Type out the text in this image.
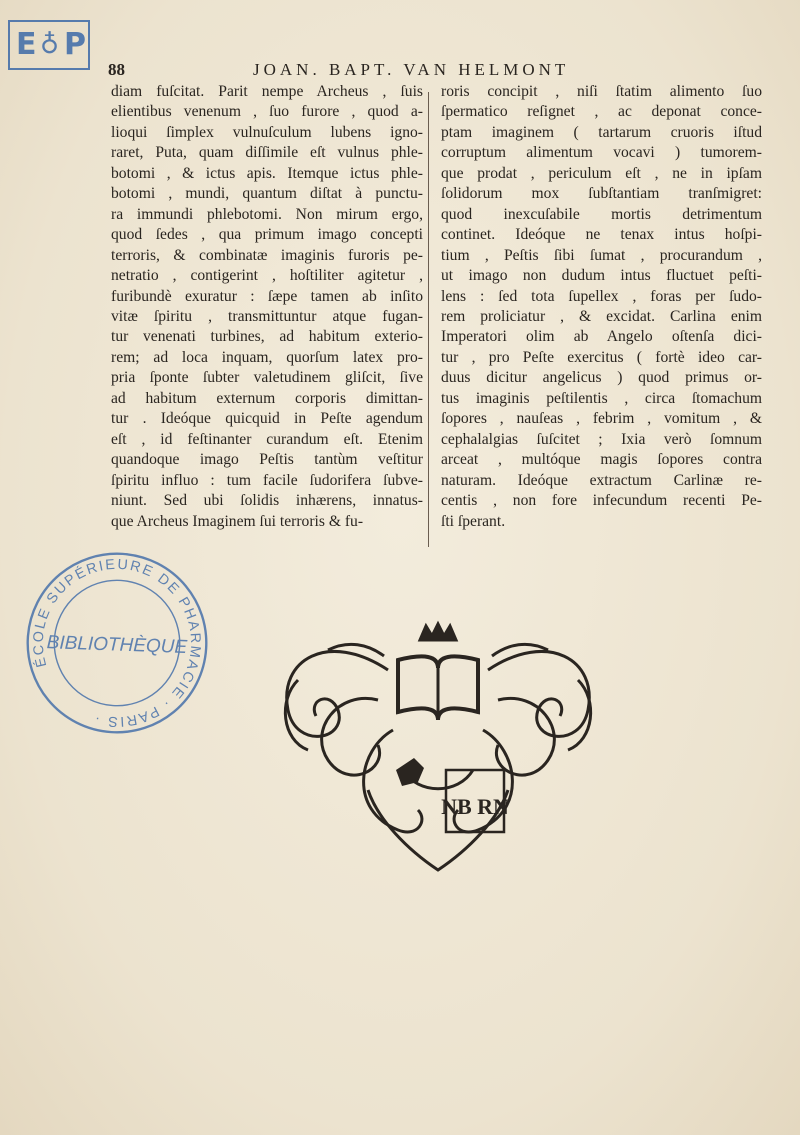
E ♁ P
88	JOAN. BAPT. VAN HELMONT
diam fuſcitat. Parit nempe Archeus , ſuis
elientibus venenum , ſuo furore , quod a-
lioqui ſimplex vulnuſculum lubens igno-
raret, Puta, quam diſſimile eſt vulnus phle-
botomi , & ictus apis. Itemque ictus phle-
botomi , mundi, quantum diſtat à punctu-
ra immundi phlebotomi. Non mirum ergo,
quod ſedes , qua primum imago concepti
terroris, & combinatæ imaginis furoris pe-
netratio , contigerint , hoſtiliter agitetur ,
furibundè exuratur : ſæpe tamen ab inſito
vitæ ſpiritu , transmittuntur atque fugan-
tur venenati turbines, ad habitum exterio-
rem; ad loca inquam, quorſum latex pro-
pria ſponte ſubter valetudinem gliſcit, ſive
ad habitum externum corporis dimittan-
tur . Ideóque quicquid in Peſte agendum
eſt , id feſtinanter curandum eſt. Etenim
quandoque imago Peſtis tantùm veſtitur
ſpiritu influo : tum facile ſudorifera ſubve-
niunt. Sed ubi ſolidis inhærens, innatus-
que Archeus Imaginem ſui terroris & fu-
roris concipit , niſi ſtatim alimento ſuo
ſpermatico reſignet , ac deponat conce-
ptam imaginem ( tartarum cruoris iſtud
corruptum alimentum vocavi ) tumorem-
que prodat , periculum eſt , ne in ipſam
ſolidorum mox ſubſtantiam tranſmigret:
quod inexcuſabile mortis detrimentum
continet. Ideóque ne tenax intus hoſpi-
tium , Peſtis ſibi ſumat , procurandum ,
ut imago non dudum intus fluctuet peſti-
lens : ſed tota ſupellex , foras per ſudo-
rem proliciatur , & excidat. Carlina enim
Imperatori olim ab Angelo oſtenſa dici-
tur , pro Peſte exercitus ( fortè ideo car-
duus dicitur angelicus ) quod primus or-
tus imaginis peſtilentis , circa ſtomachum
ſopores , nauſeas , febrim , vomitum , &
cephalalgias ſuſcitet ; Ixia verò ſomnum
arceat , multóque magis ſopores contra
naturam. Ideóque extractum Carlinæ re-
centis , non fore infecundum recenti Pe-
ſti ſperant.
ÉCOLE SUPÉRIEURE DE PHARMACIE · PARIS ·
BIBLIOTHÈQUE
NB RN
